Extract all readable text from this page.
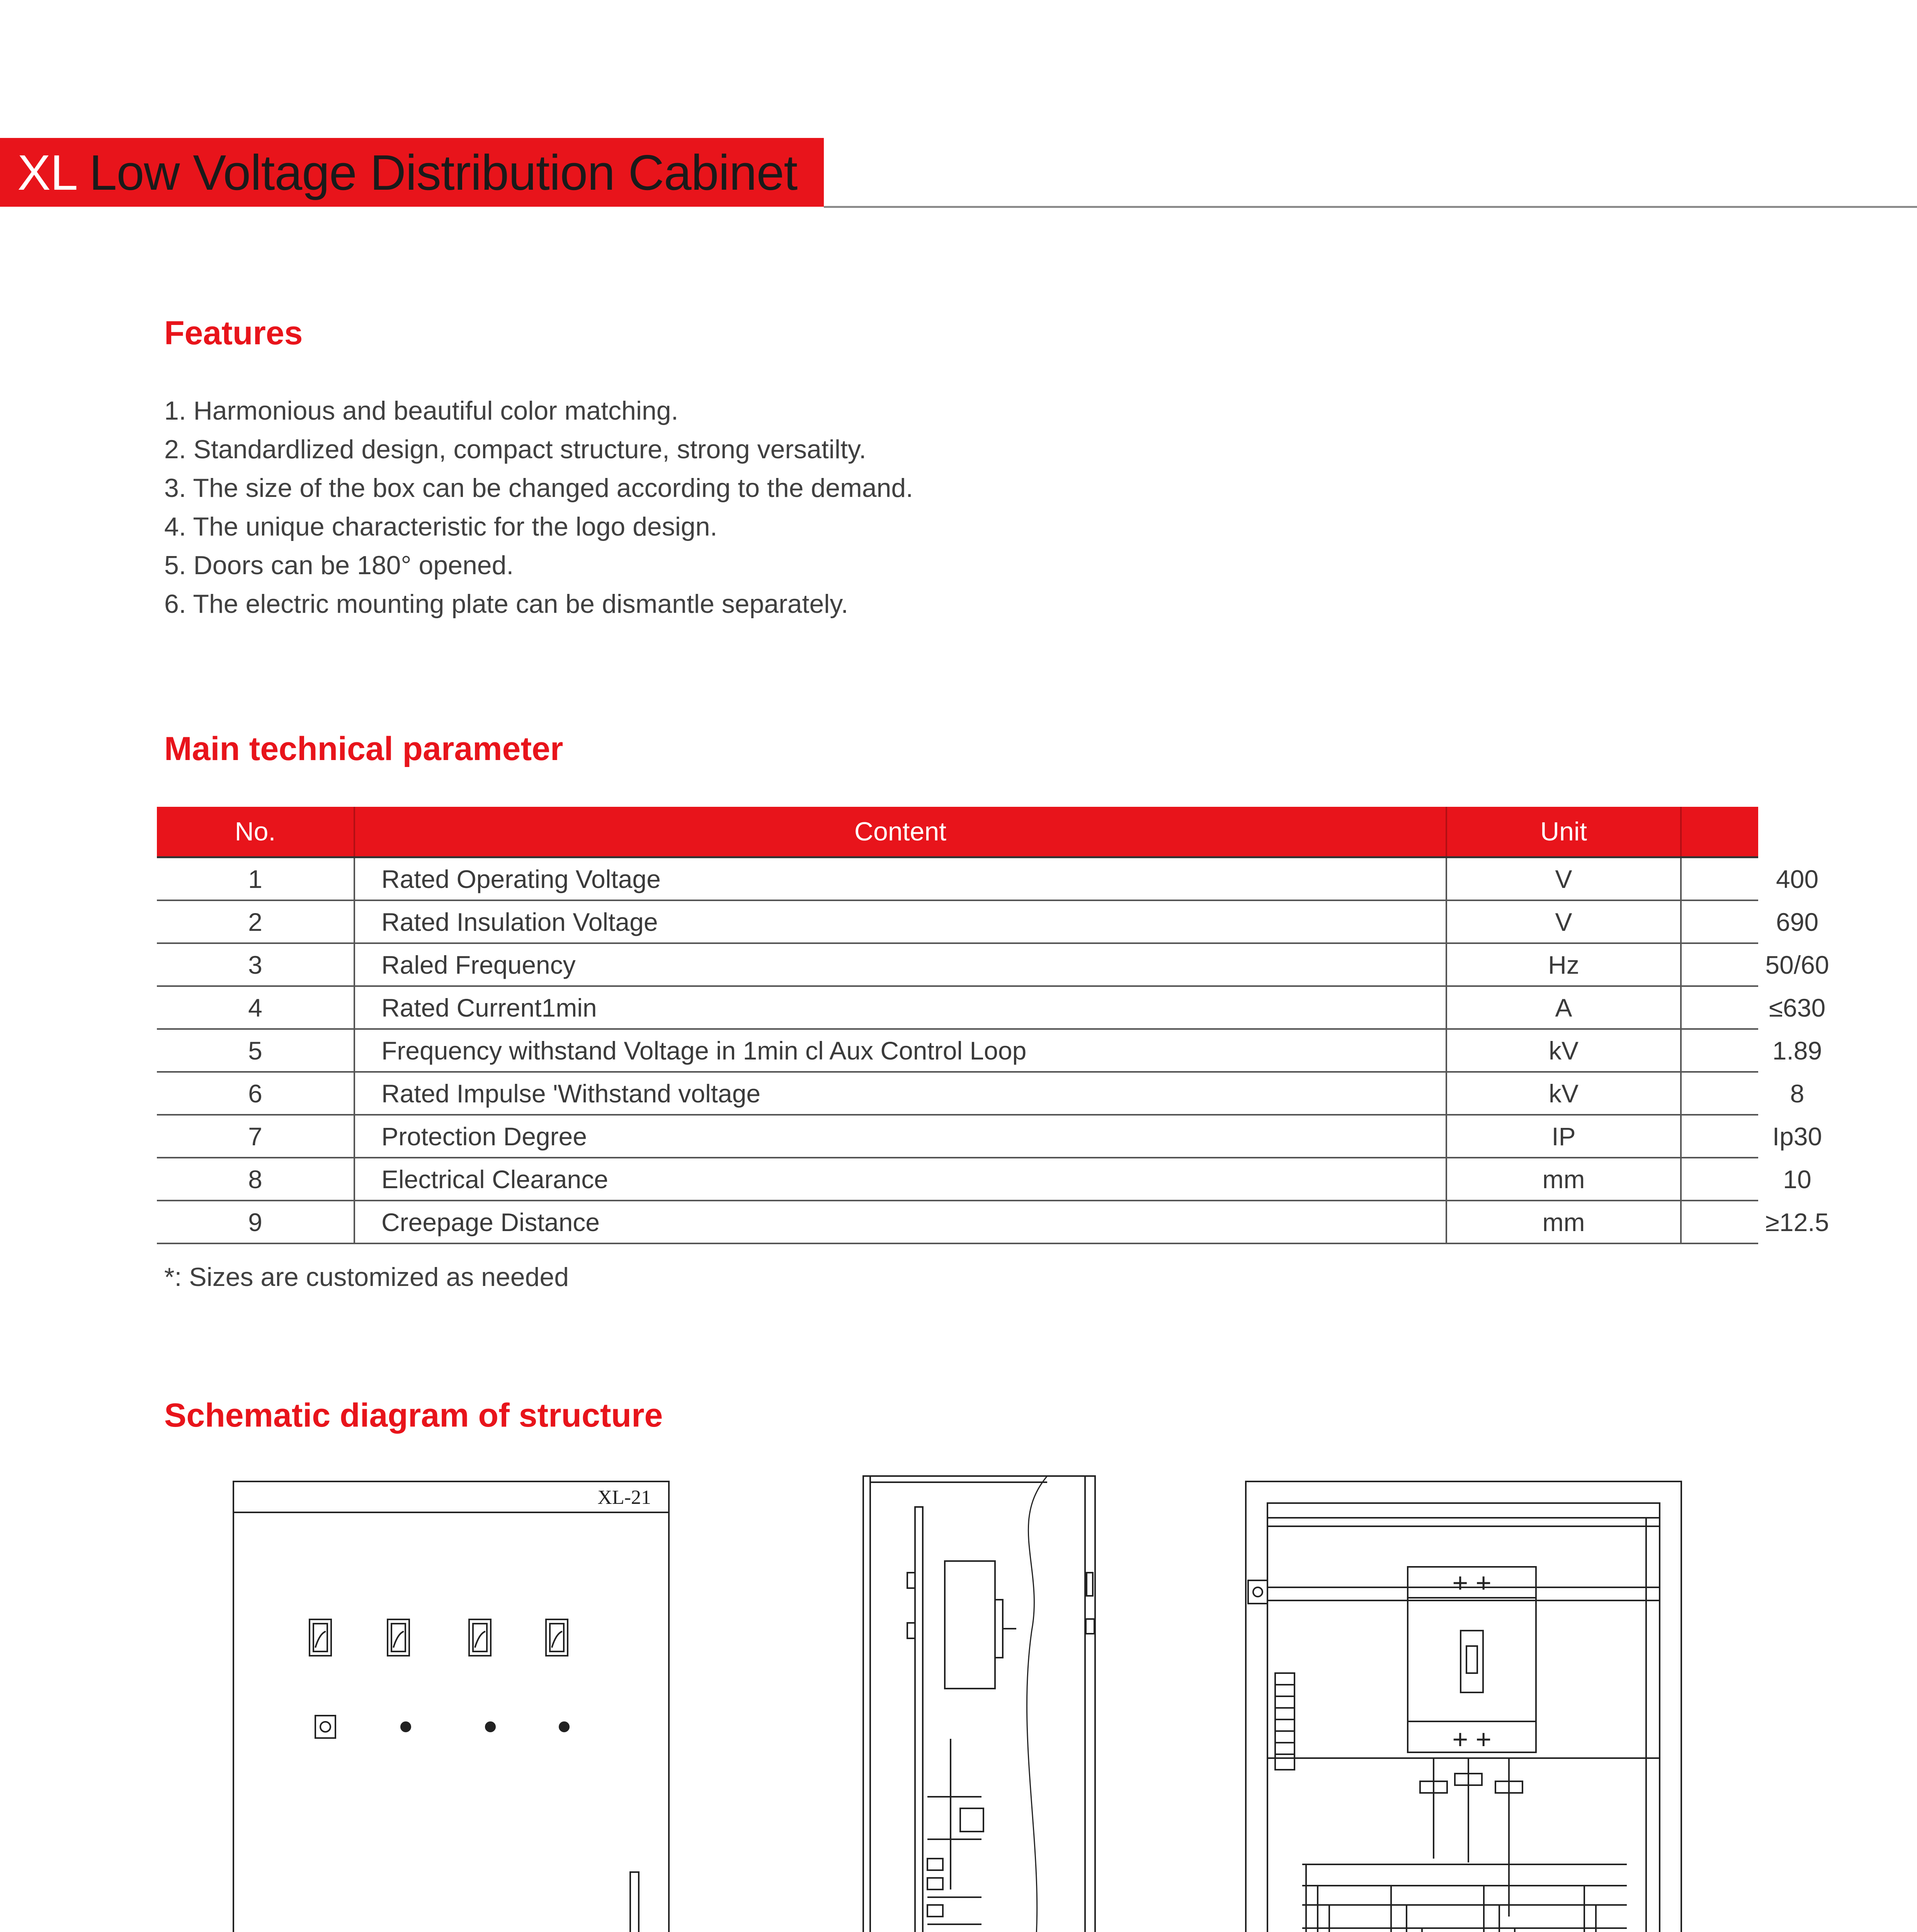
XL Low Voltage Distribution Cabinet
Features
1. Harmonious and beautiful color matching.
2. Standardlized design, compact structure, strong versatilty.
3. The size of the box can be changed according to the demand.
4. The unique characteristic for the logo design.
5. Doors can be 180° opened.
6. The electric mounting plate can be dismantle separately.
Main technical parameter
No.	Content	Unit	Value
1	Rated Operating Voltage	V	400
2	Rated Insulation Voltage	V	690
3	Raled Frequency	Hz	50/60
4	Rated Current1min	A	≤630
5	Frequency withstand Voltage in 1min cl Aux Control Loop	kV	1.89
6	Rated Impulse 'Withstand voltage	kV	8
7	Protection Degree	IP	Ip30
8	Electrical Clearance	mm	10
9	Creepage Distance	mm	≥12.5
*: Sizes are customized as needed
Schematic diagram of structure
XL-21
+ +
+ +
